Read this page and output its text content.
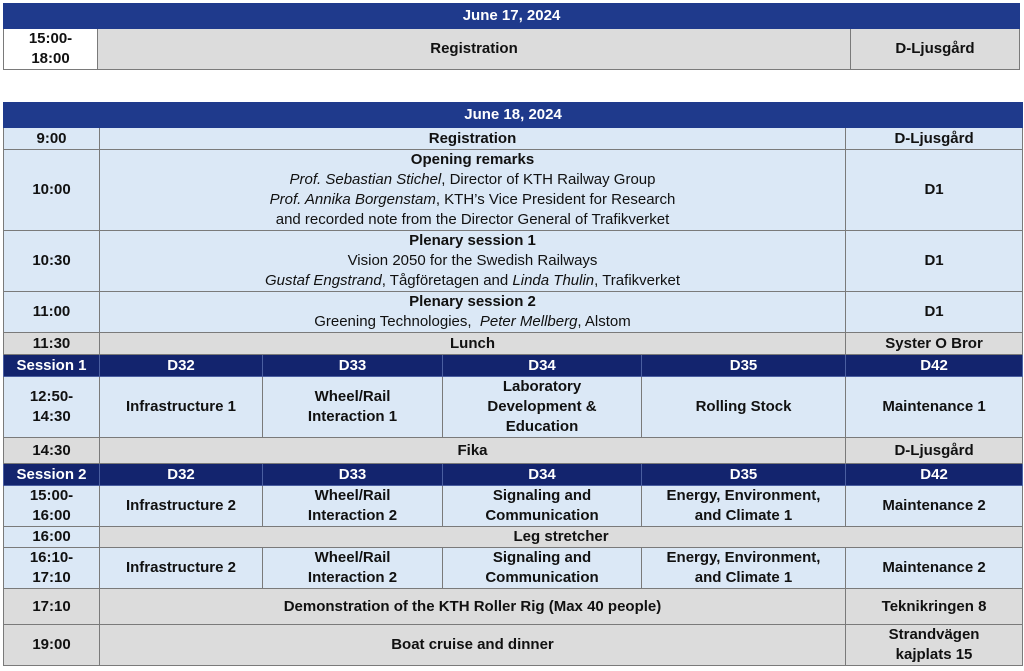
June 17, 2024

15:00-
18:00
	Registration	D-Ljusgård
June 18, 2024					
9:00	Registration				D-Ljusgård
10:00	Opening remarks
Prof. Sebastian Stichel, Director of KTH Railway Group
Prof. Annika Borgenstam, KTH’s Vice President for Research
and recorded note from the Director General of Trafikverket				D1
10:30	Plenary session 1
Vision 2050 for the Swedish Railways
Gustaf Engstrand, Tågföretagen and Linda Thulin, Trafikverket				D1
11:00	Plenary session 2
Greening Technologies,  Peter Mellberg, Alstom				D1
11:30	Lunch				Syster O Bror
Session 1	D32	D33	D34	D35	D42

12:50-
14:30	Infrastructure 1	Wheel/Rail
Interaction 1	Laboratory
Development &
Education	Rolling Stock	Maintenance 1

14:30	Fika				D-Ljusgård
Session 2	D32	D33	D34	D35	D42

15:00-
16:00	Infrastructure 2	Wheel/Rail
Interaction 2	Signaling and
Communication	Energy, Environment,
and Climate 1	Maintenance 2

16:00	Leg stretcher				

16:10-
17:10	Infrastructure 2	Wheel/Rail
Interaction 2	Signaling and
Communication	Energy, Environment,
and Climate 1	Maintenance 2

17:10	Demonstration of the KTH Roller Rig (Max 40 people)				Teknikringen 8
19:00	Boat cruise and dinner				Strandvägen
kajplats 15
